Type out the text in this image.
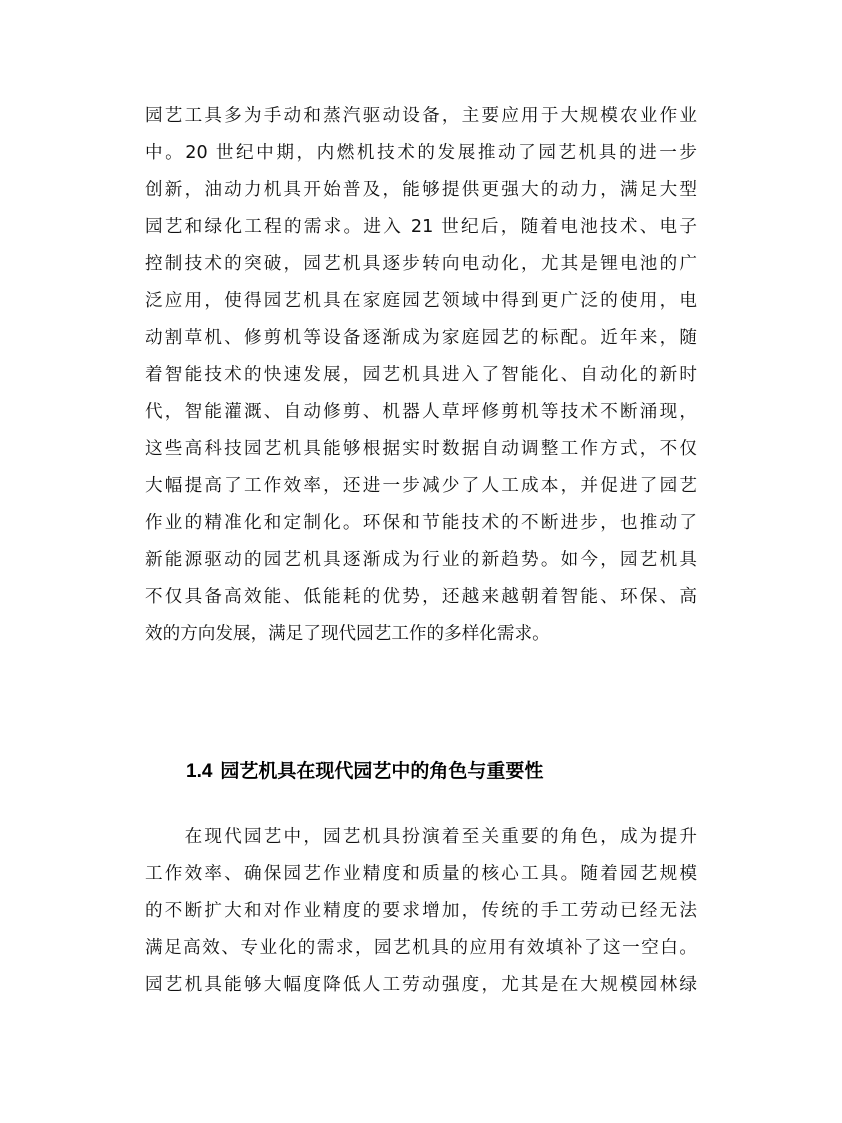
园艺工具多为手动和蒸汽驱动设备，主要应用于大规模农业作业
中。20 世纪中期，内燃机技术的发展推动了园艺机具的进一步
创新，油动力机具开始普及，能够提供更强大的动力，满足大型
园艺和绿化工程的需求。进入 21 世纪后，随着电池技术、电子
控制技术的突破，园艺机具逐步转向电动化，尤其是锂电池的广
泛应用，使得园艺机具在家庭园艺领域中得到更广泛的使用，电
动割草机、修剪机等设备逐渐成为家庭园艺的标配。近年来，随
着智能技术的快速发展，园艺机具进入了智能化、自动化的新时
代，智能灌溉、自动修剪、机器人草坪修剪机等技术不断涌现，
这些高科技园艺机具能够根据实时数据自动调整工作方式，不仅
大幅提高了工作效率，还进一步减少了人工成本，并促进了园艺
作业的精准化和定制化。环保和节能技术的不断进步，也推动了
新能源驱动的园艺机具逐渐成为行业的新趋势。如今，园艺机具
不仅具备高效能、低能耗的优势，还越来越朝着智能、环保、高
效的方向发展，满足了现代园艺工作的多样化需求。
1.4 园艺机具在现代园艺中的角色与重要性
　　在现代园艺中，园艺机具扮演着至关重要的角色，成为提升
工作效率、确保园艺作业精度和质量的核心工具。随着园艺规模
的不断扩大和对作业精度的要求增加，传统的手工劳动已经无法
满足高效、专业化的需求，园艺机具的应用有效填补了这一空白。
园艺机具能够大幅度降低人工劳动强度，尤其是在大规模园林绿
